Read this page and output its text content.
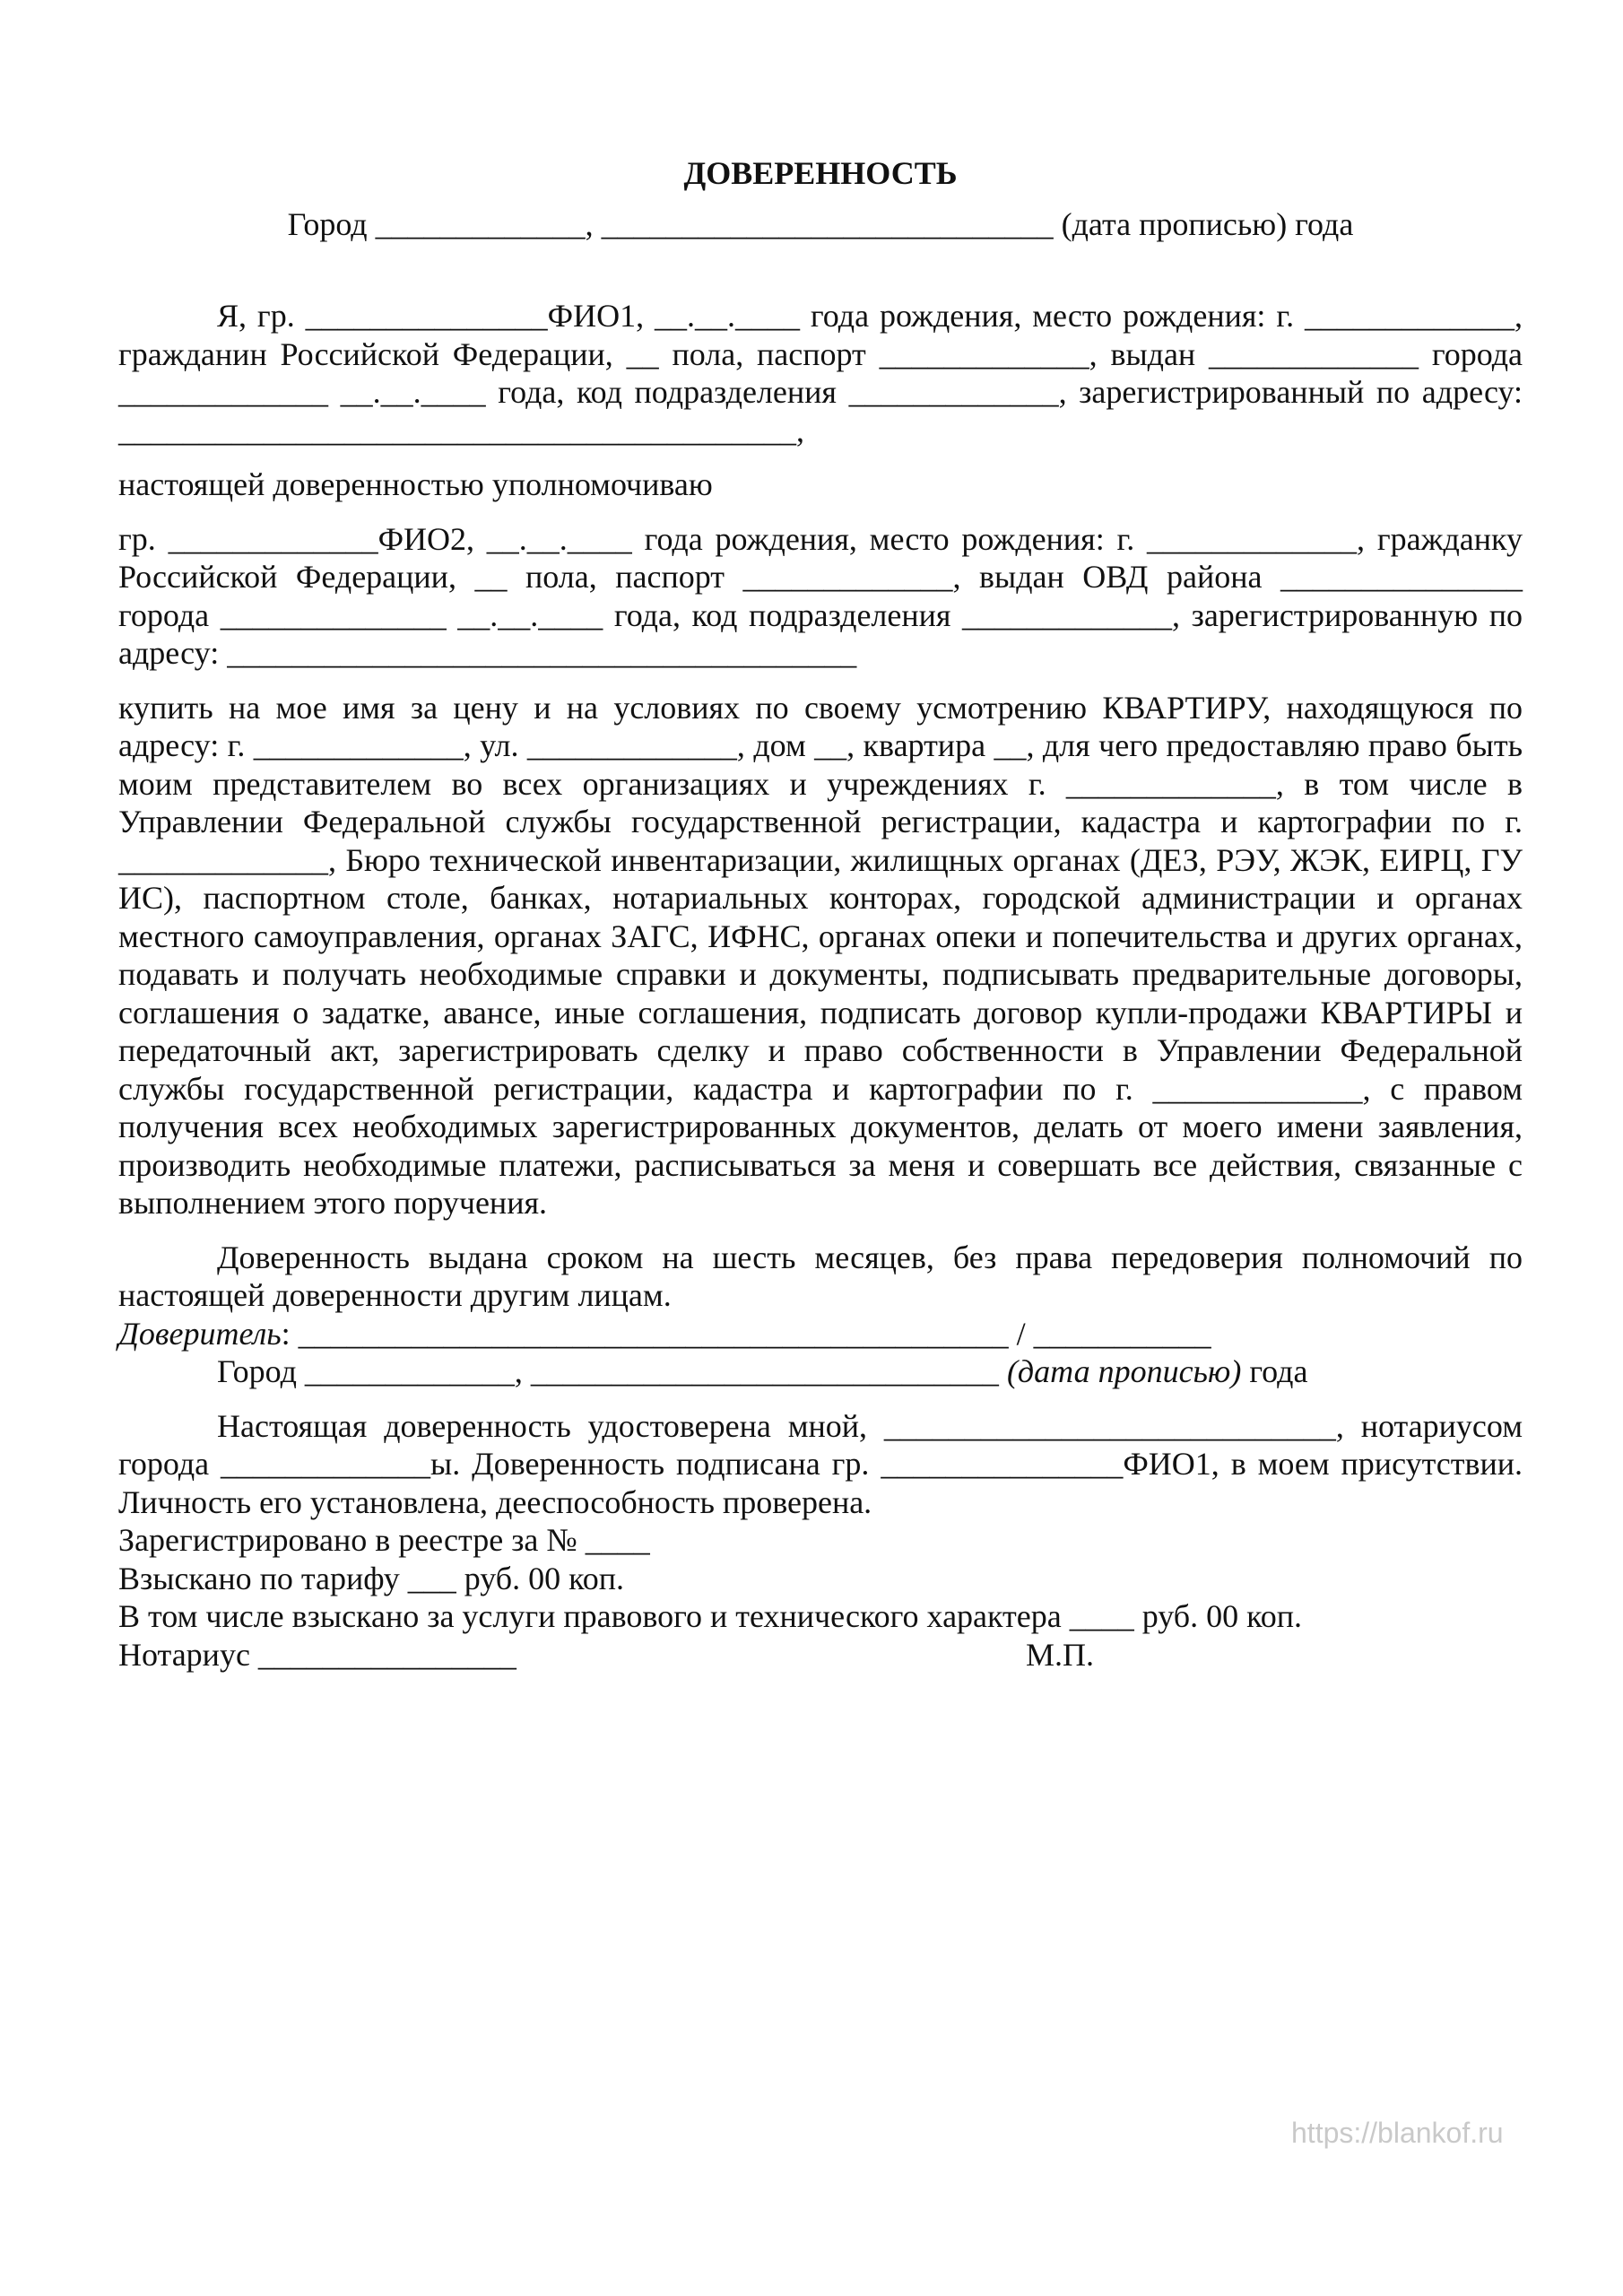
ДОВЕРЕННОСТЬ

Город _____________, ____________________________ (дата прописью) года

Я, гр. _______________ФИО1, __.__.____ года рождения, место рождения: г. _____________, гражданин Российской Федерации, __ пола, паспорт _____________, выдан _____________ города _____________ __.__.____ года, код подразделения _____________, зарегистрированный по адресу: __________________________________________,

настоящей доверенностью уполномочиваю

гр. _____________ФИО2, __.__.____ года рождения, место рождения: г. _____________, гражданку Российской Федерации, __ пола, паспорт _____________, выдан ОВД района _______________ города ______________ __.__.____ года, код подразделения _____________, зарегистрированную по адресу: _______________________________________

купить на мое имя за цену и на условиях по своему усмотрению КВАРТИРУ, находящуюся по адресу: г. _____________, ул. _____________, дом __, квартира __, для чего предоставляю право быть моим представителем во всех организациях и учреждениях г. _____________, в том числе в Управлении Федеральной службы государственной регистрации, кадастра и картографии по г. _____________, Бюро технической инвентаризации, жилищных органах (ДЕЗ, РЭУ, ЖЭК, ЕИРЦ, ГУ ИС), паспортном столе, банках, нотариальных конторах, городской администрации и органах местного самоуправления, органах ЗАГС, ИФНС, органах опеки и попечительства и других органах, подавать и получать необходимые справки и документы, подписывать предварительные договоры, соглашения о задатке, авансе, иные соглашения, подписать договор купли-продажи КВАРТИРЫ и передаточный акт, зарегистрировать сделку и право собственности в Управлении Федеральной службы государственной регистрации, кадастра и картографии по г. _____________, с правом получения всех необходимых зарегистрированных документов, делать от моего имени заявления, производить необходимые платежи, расписываться за меня и совершать все действия, связанные с выполнением этого поручения.

Доверенность выдана сроком на шесть месяцев, без права передоверия полномочий по настоящей доверенности другим лицам.

Доверитель: ____________________________________________ / ___________

Город _____________, _____________________________ (дата прописью) года

Настоящая доверенность удостоверена мной, ____________________________, нотариусом города _____________ы. Доверенность подписана гр. _______________ФИО1, в моем присутствии. Личность его установлена, дееспособность проверена.

Зарегистрировано в реестре за № ____

Взыскано по тарифу ___ руб. 00 коп.

В том числе взыскано за услуги правового и технического характера ____ руб. 00 коп.

Нотариус ________________	М.П.
https://blankof.ru
